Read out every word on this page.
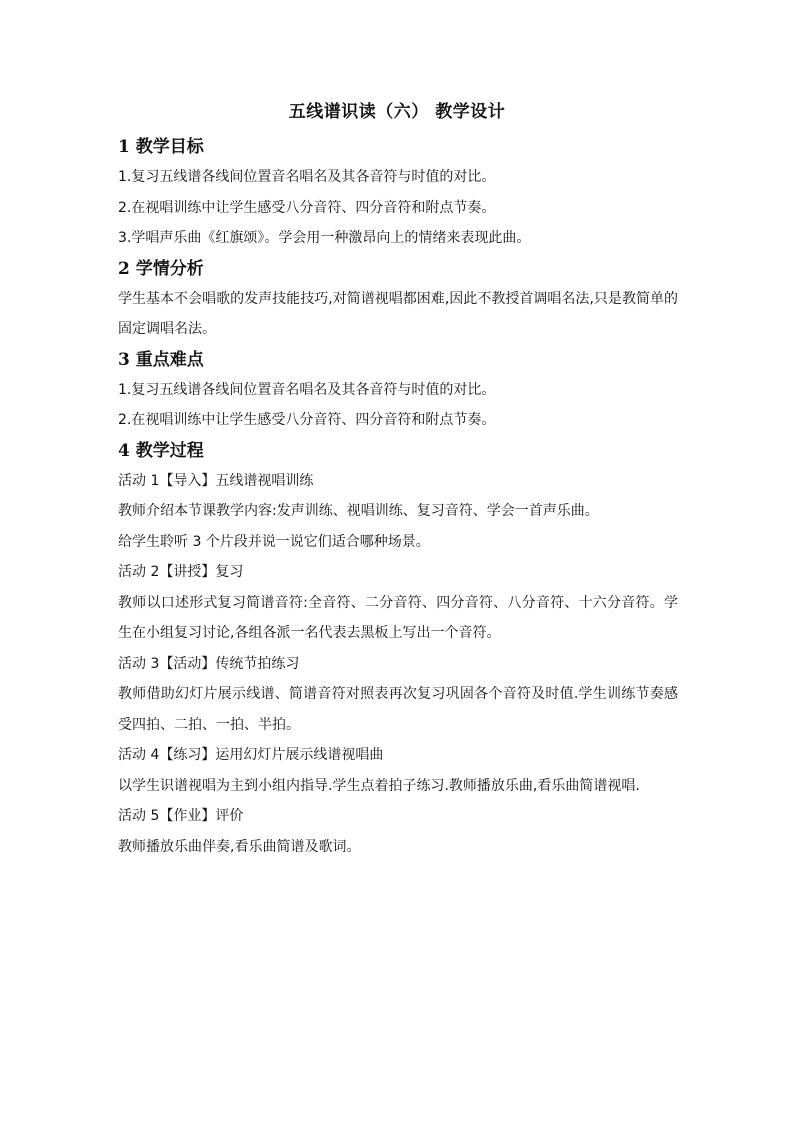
五线谱识读（六） 教学设计
1 教学目标

1.复习五线谱各线间位置音名唱名及其各音符与时值的对比。

2.在视唱训练中让学生感受八分音符、四分音符和附点节奏。

3.学唱声乐曲《红旗颂》。学会用一种激昂向上的情绪来表现此曲。

2 学情分析

学生基本不会唱歌的发声技能技巧,对简谱视唱都困难,因此不教授首调唱名法,只是教简单的固定调唱名法。

3 重点难点

1.复习五线谱各线间位置音名唱名及其各音符与时值的对比。

2.在视唱训练中让学生感受八分音符、四分音符和附点节奏。

4 教学过程

活动 1【导入】五线谱视唱训练

教师介绍本节课教学内容:发声训练、视唱训练、复习音符、学会一首声乐曲。

给学生聆听 3 个片段并说一说它们适合哪种场景。

活动 2【讲授】复习

教师以口述形式复习简谱音符:全音符、二分音符、四分音符、八分音符、十六分音符。学生在小组复习讨论,各组各派一名代表去黑板上写出一个音符。

活动 3【活动】传统节拍练习

教师借助幻灯片展示线谱、简谱音符对照表再次复习巩固各个音符及时值.学生训练节奏感受四拍、二拍、一拍、半拍。

活动 4【练习】运用幻灯片展示线谱视唱曲

以学生识谱视唱为主到小组内指导.学生点着拍子练习.教师播放乐曲,看乐曲简谱视唱.

活动 5【作业】评价

教师播放乐曲伴奏,看乐曲简谱及歌词。
